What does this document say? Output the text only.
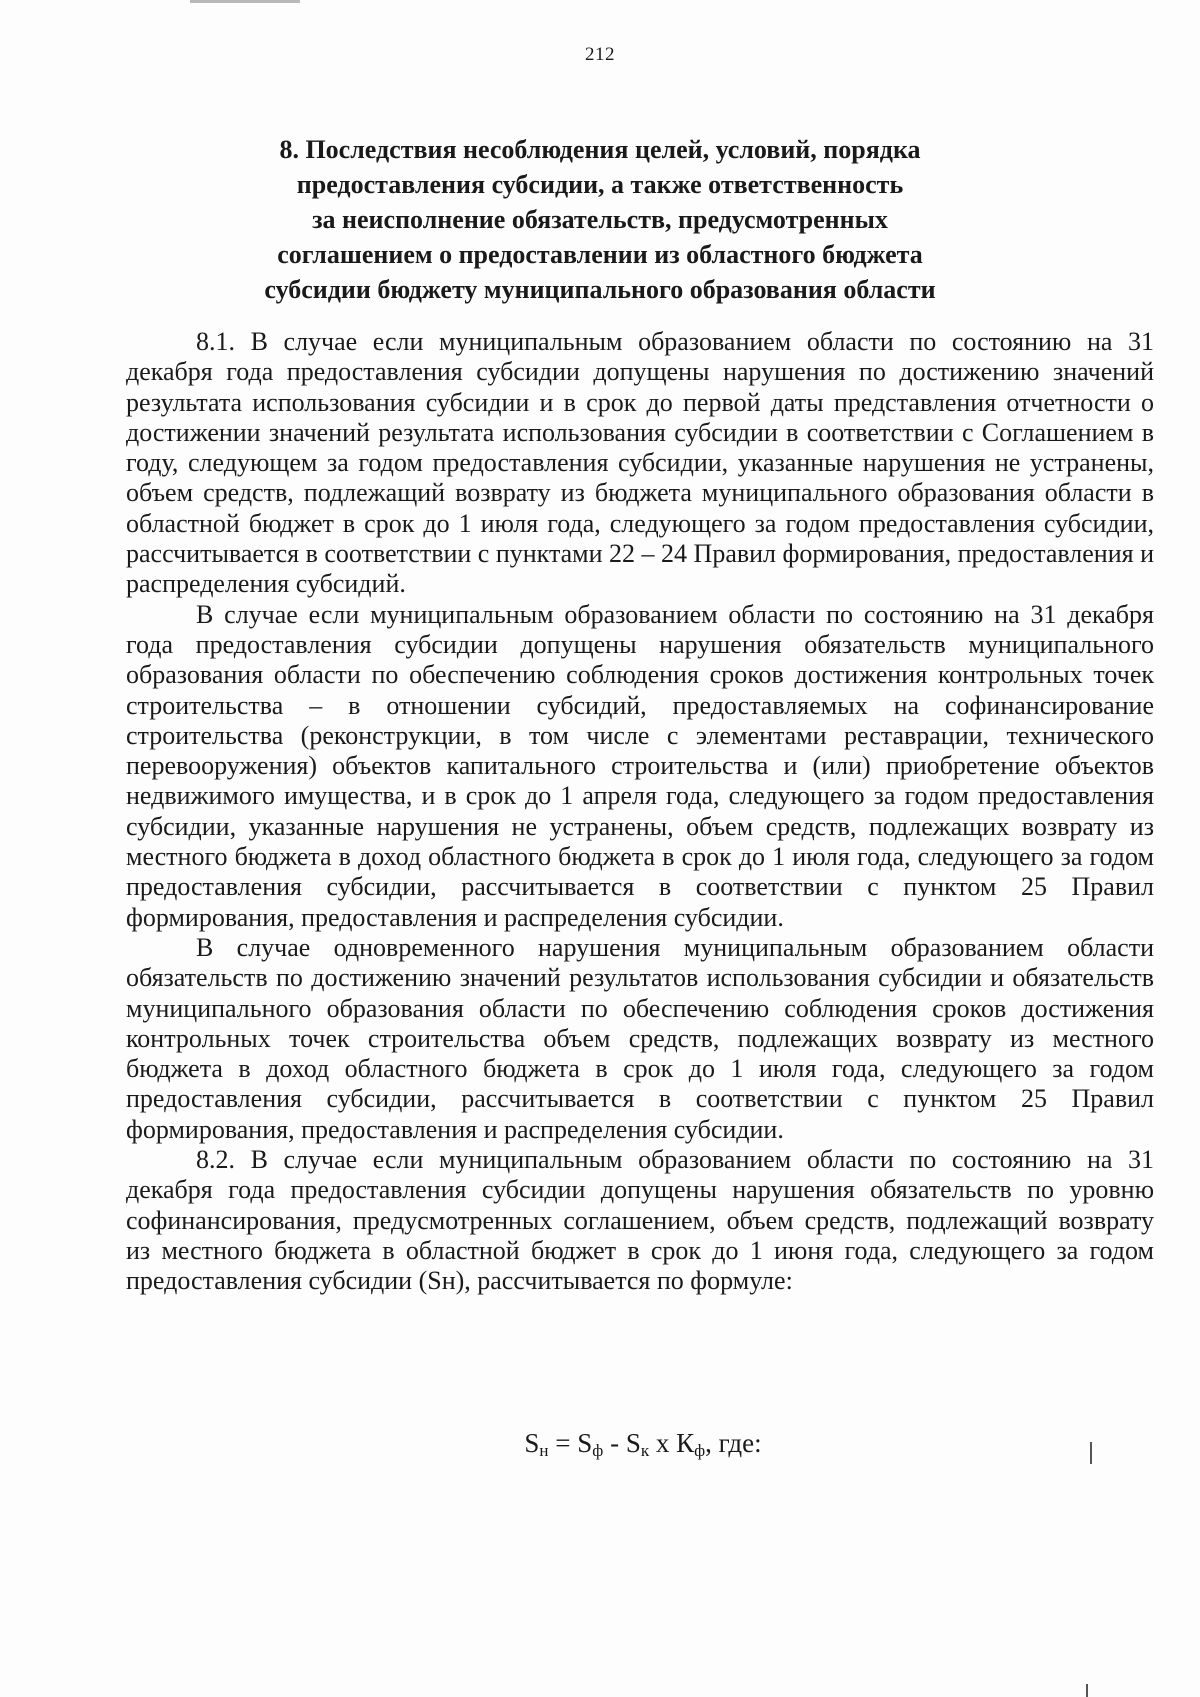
212
8. Последствия несоблюдения целей, условий, порядка
предоставления субсидии, а также ответственность
за неисполнение обязательств, предусмотренных
соглашением о предоставлении из областного бюджета
субсидии бюджету муниципального образования области

8.1. В случае если муниципальным образованием области по состоянию на 31 декабря года предоставления субсидии допущены нарушения по достижению значений результата использования субсидии и в срок до первой даты представления отчетности о достижении значений результата использования субсидии в соответствии с Соглашением в году, следующем за годом предоставления субсидии, указанные нарушения не устранены, объем средств, подлежащий возврату из бюджета муниципального образования области в областной бюджет в срок до 1 июля года, следующего за годом предоставления субсидии, рассчитывается в соответствии с пунктами 22 – 24 Правил формирования, предоставления и распределения субсидий.

В случае если муниципальным образованием области по состоянию на 31 декабря года предоставления субсидии допущены нарушения обязательств муниципального образования области по обеспечению соблюдения сроков достижения контрольных точек строительства – в отношении субсидий, предоставляемых на софинансирование строительства (реконструкции, в том числе с элементами реставрации, технического перевооружения) объектов капитального строительства и (или) приобретение объектов недвижимого имущества, и в срок до 1 апреля года, следующего за годом предоставления субсидии, указанные нарушения не устранены, объем средств, подлежащих возврату из местного бюджета в доход областного бюджета в срок до 1 июля года, следующего за годом предоставления субсидии, рассчитывается в соответствии с пунктом 25 Правил формирования, предоставления и распределения субсидии.

В случае одновременного нарушения муниципальным образованием области обязательств по достижению значений результатов использования субсидии и обязательств муниципального образования области по обеспечению соблюдения сроков достижения контрольных точек строительства объем средств, подлежащих возврату из местного бюджета в доход областного бюджета в срок до 1 июля года, следующего за годом предоставления субсидии, рассчитывается в соответствии с пунктом 25 Правил формирования, предоставления и распределения субсидии.

8.2. В случае если муниципальным образованием области по состоянию на 31 декабря года предоставления субсидии допущены нарушения обязательств по уровню софинансирования, предусмотренных соглашением, объем средств, подлежащий возврату из местного бюджета в областной бюджет в срок до 1 июня года, следующего за годом предоставления субсидии (Sн), рассчитывается по формуле:

$S_н = S_ф - S_к$ x $К_ф$, где:
